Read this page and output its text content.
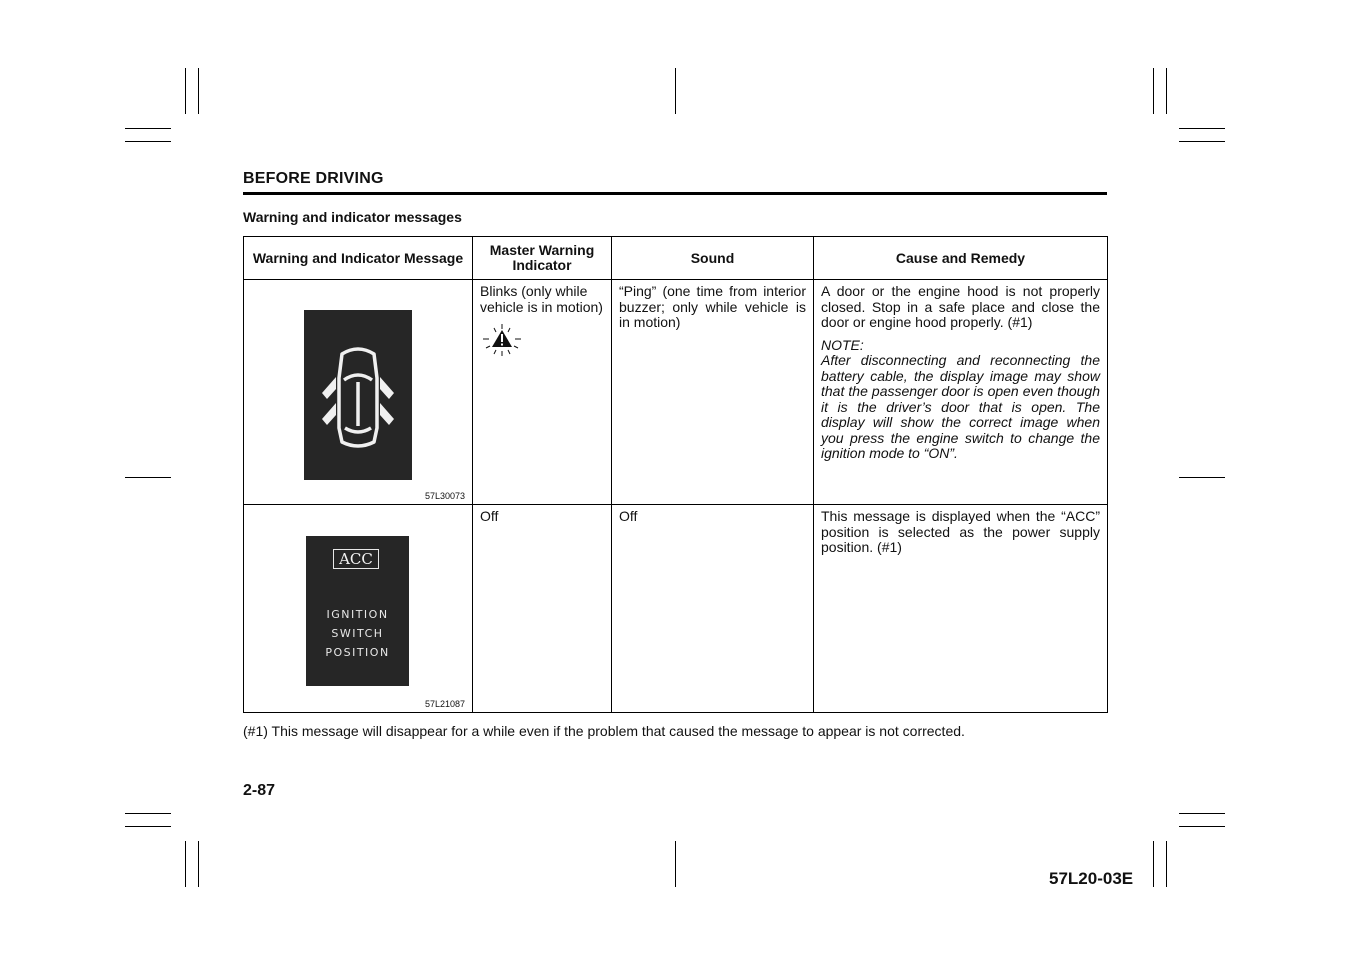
BEFORE DRIVING
Warning and indicator messages
Warning and Indicator Message	Master Warning Indicator	Sound	Cause and Remedy

57L30073	Blinks (only while vehicle is in motion)	“Ping” (one time from interior buzzer; only while vehicle is in motion)	A door or the engine hood is not properly closed. Stop in a safe place and close the door or engine hood properly. (#1)
NOTE:
After disconnecting and reconnecting the battery cable, the display image may show that the passenger door is open even though it is the driver’s door that is open. The display will show the correct image when you press the engine switch to change the ignition mode to “ON”.

ACC
IGNITION
SWITCH
POSITION
57L21087	Off	Off	This message is displayed when the “ACC” position is selected as the power supply position. (#1)
(#1) This message will disappear for a while even if the problem that caused the message to appear is not corrected.
2-87
57L20-03E
